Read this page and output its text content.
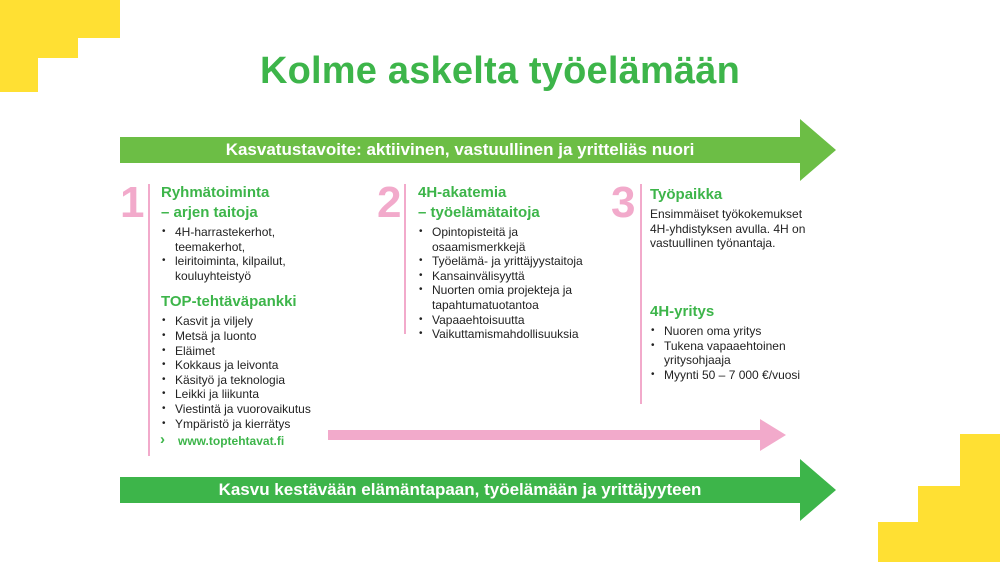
Kolme askelta työelämään
Kasvatustavoite: aktiivinen, vastuullinen ja yritteliäs nuori
Kasvu kestävään elämäntapaan, työelämään ja yrittäjyyteen
1 Ryhmätoiminta
– arjen taitoja
• 4H-harrastekerhot, teemakerhot,
• leiritoiminta, kilpailut, kouluyhteistyö
TOP-tehtäväpankki
• Kasvit ja viljely
• Metsä ja luonto
• Eläimet
• Kokkaus ja leivonta
• Käsityö ja teknologia
• Leikki ja liikunta
• Viestintä ja vuorovaikutus
• Ympäristö ja kierrätys
› www.toptehtavat.fi
2 4H-akatemia
– työelämätaitoja
• Opintopisteitä ja osaamismerkkejä
• Työelämä- ja yrittäjyystaitoja
• Kansainvälisyyttä
• Nuorten omia projekteja ja tapahtumatuotantoa
• Vapaaehtoisuutta
• Vaikuttamismahdollisuuksia
3 Työpaikka

Ensimmäiset työkokemukset 4H-yhdistyksen avulla. 4H on vastuullinen työnantaja.

4H-yritys
• Nuoren oma yritys
• Tukena vapaaehtoinen yritysohjaaja
• Myynti 50 – 7 000 €/vuosi
